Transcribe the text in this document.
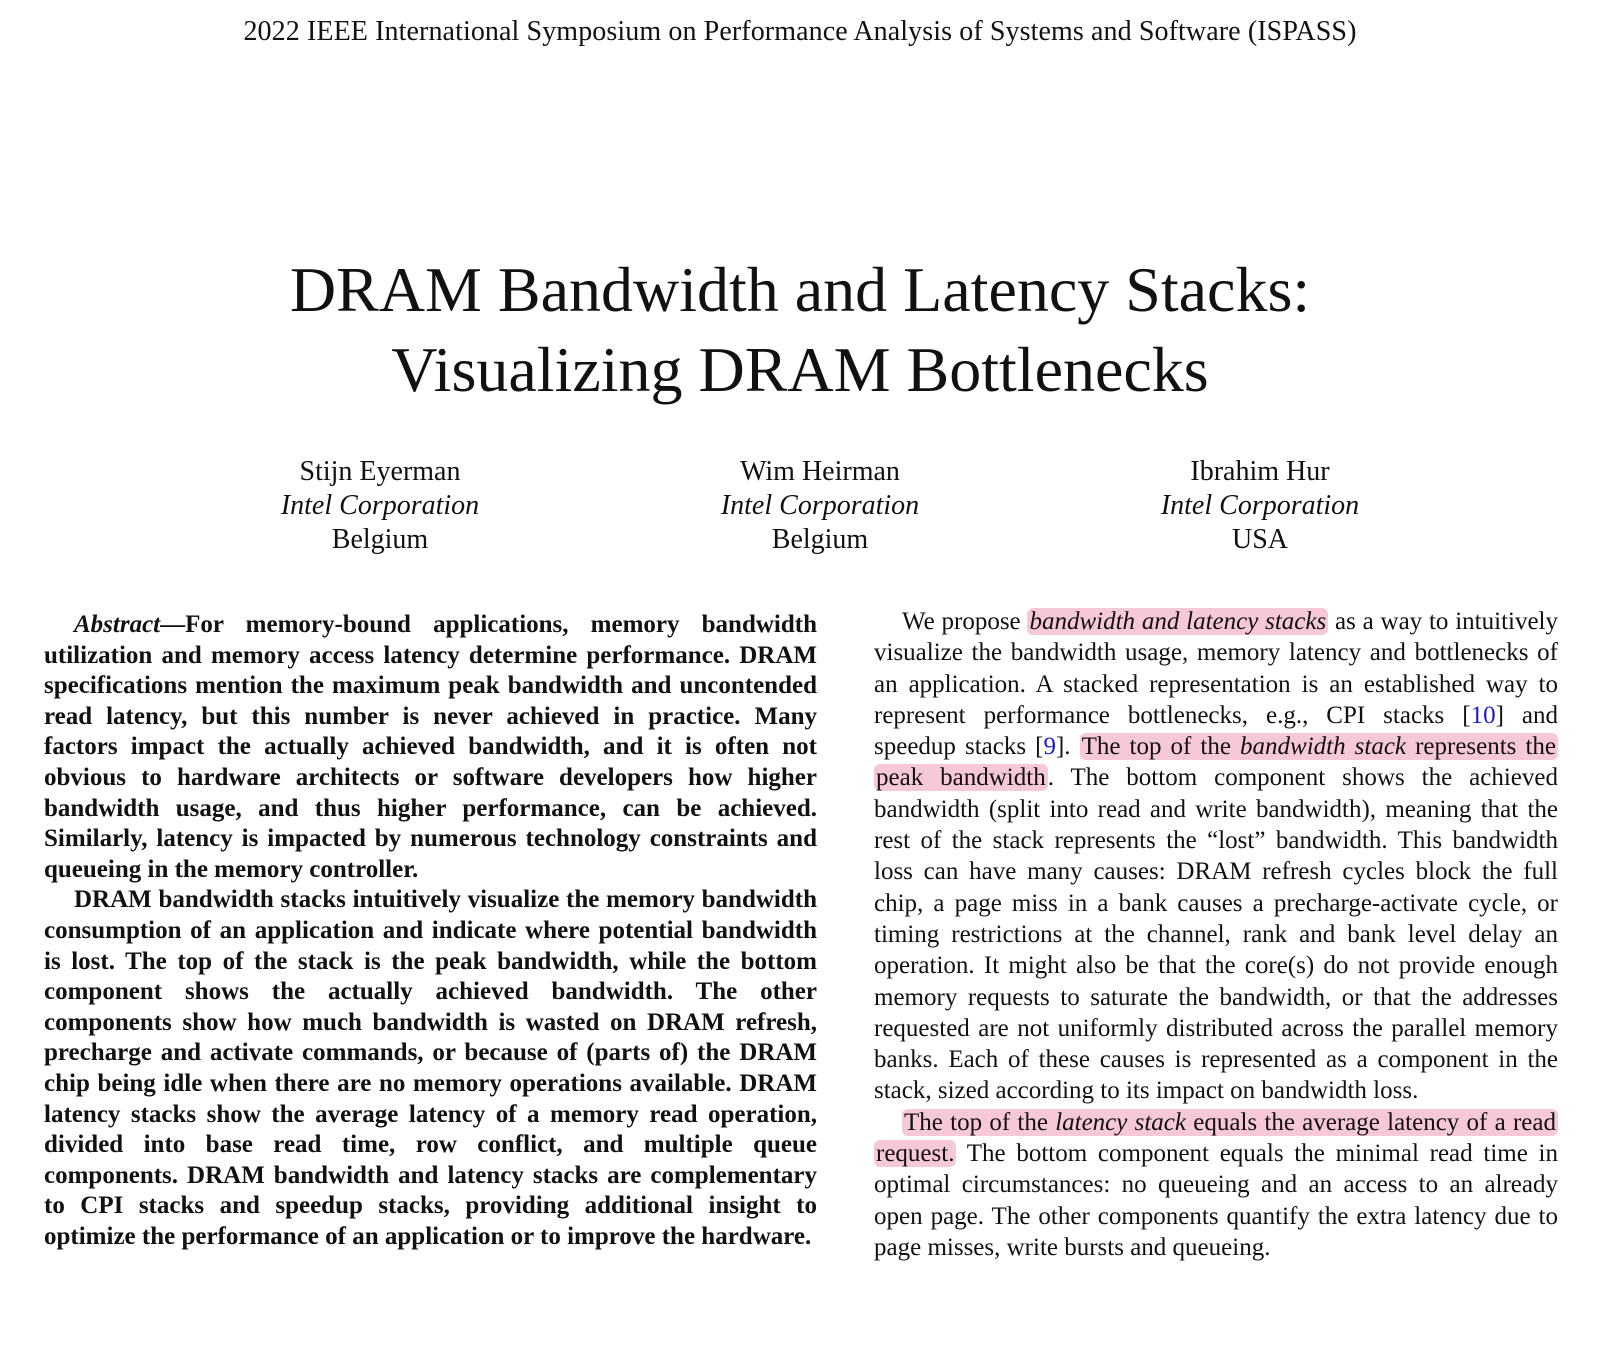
2022 IEEE International Symposium on Performance Analysis of Systems and Software (ISPASS)
DRAM Bandwidth and Latency Stacks:
Visualizing DRAM Bottlenecks
Stijn Eyerman
Intel Corporation
Belgium
Wim Heirman
Intel Corporation
Belgium
Ibrahim Hur
Intel Corporation
USA

Abstract—For memory-bound applications, memory bandwidth utilization and memory access latency determine performance. DRAM specifications mention the maximum peak bandwidth and uncontended read latency, but this number is never achieved in practice. Many factors impact the actually achieved bandwidth, and it is often not obvious to hardware architects or software developers how higher bandwidth usage, and thus higher performance, can be achieved. Similarly, latency is impacted by numerous technology constraints and queueing in the memory controller.

DRAM bandwidth stacks intuitively visualize the memory bandwidth consumption of an application and indicate where potential bandwidth is lost. The top of the stack is the peak bandwidth, while the bottom component shows the actually achieved bandwidth. The other components show how much bandwidth is wasted on DRAM refresh, precharge and activate commands, or because of (parts of) the DRAM chip being idle when there are no memory operations available. DRAM latency stacks show the average latency of a memory read operation, divided into base read time, row conflict, and multiple queue components. DRAM bandwidth and latency stacks are complementary to CPI stacks and speedup stacks, providing additional insight to optimize the performance of an application or to improve the hardware.

We propose bandwidth and latency stacks as a way to intuitively visualize the bandwidth usage, memory latency and bottlenecks of an application. A stacked representation is an established way to represent performance bottlenecks, e.g., CPI stacks [10] and speedup stacks [9]. The top of the bandwidth stack represents the peak bandwidth. The bottom component shows the achieved bandwidth (split into read and write bandwidth), meaning that the rest of the stack represents the “lost” bandwidth. This bandwidth loss can have many causes: DRAM refresh cycles block the full chip, a page miss in a bank causes a precharge-activate cycle, or timing restrictions at the channel, rank and bank level delay an operation. It might also be that the core(s) do not provide enough memory requests to saturate the bandwidth, or that the addresses requested are not uniformly distributed across the parallel memory banks. Each of these causes is represented as a component in the stack, sized according to its impact on bandwidth loss.

The top of the latency stack equals the average latency of a read request. The bottom component equals the minimal read time in optimal circumstances: no queueing and an access to an already open page. The other components quantify the extra latency due to page misses, write bursts and queueing.
